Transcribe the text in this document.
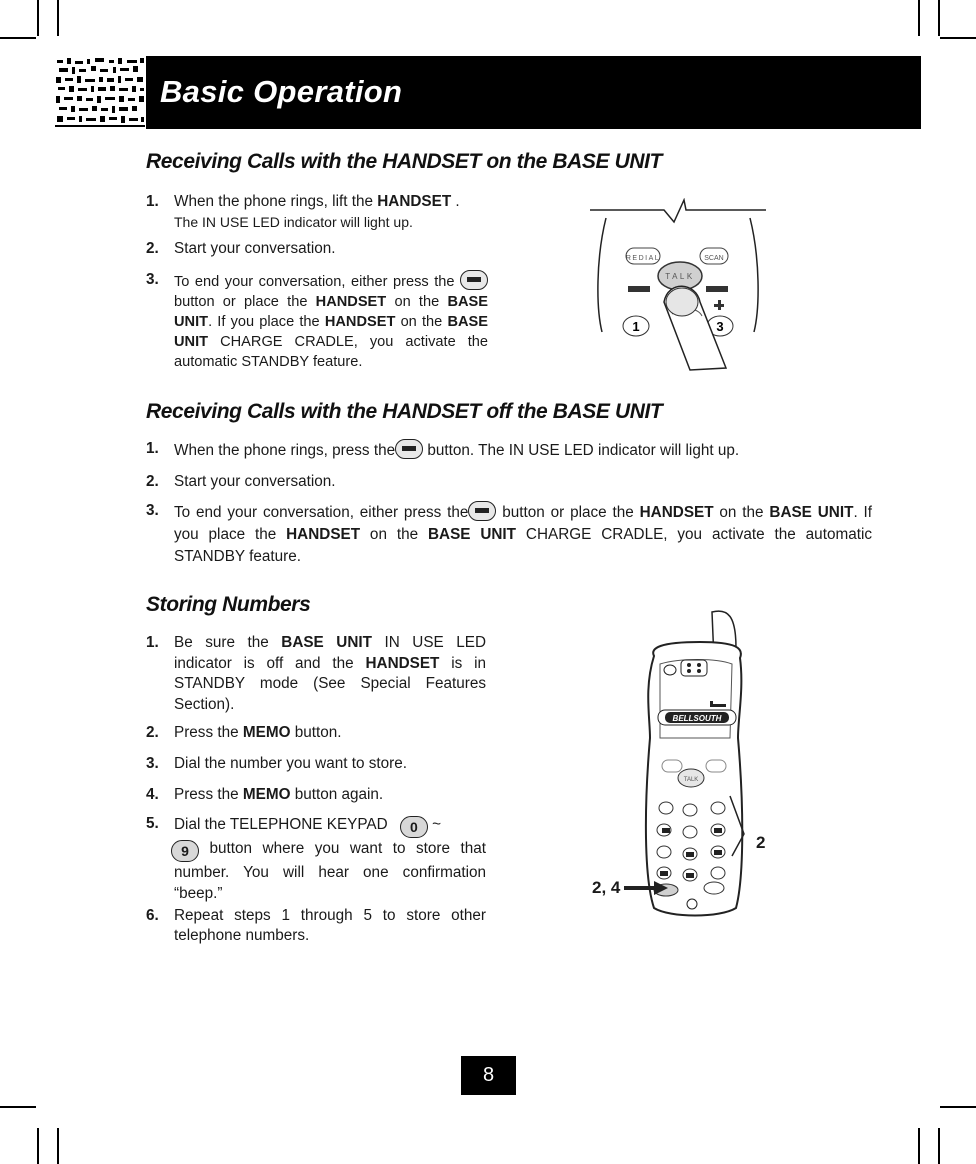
Basic Operation
Receiving Calls with the HANDSET on the BASE UNIT
1. When the phone rings, lift the HANDSET .
The IN USE LED indicator will light up.
2. Start your conversation.
3. To end your conversation, either press the  button or place the HANDSET on the BASE UNIT. If you place the HANDSET on the BASE UNIT CHARGE CRADLE, you activate the automatic STANDBY feature.
REDIAL	SCAN
TALK
1	3
Receiving Calls with the HANDSET off the BASE UNIT
1. When the phone rings, press the button. The IN USE LED indicator will light up.
2. Start your conversation.
3. To end your conversation, either press the button or place the HANDSET on the BASE UNIT. If you place the HANDSET on the BASE UNIT CHARGE CRADLE, you activate the automatic STANDBY feature.
Storing Numbers
1. Be sure the BASE UNIT IN USE LED indicator is off and the HANDSET is in STANDBY mode (See Special Features Section).
2. Press the MEMO button.
3. Dial the number you want to store.
4. Press the MEMO button again.
5. Dial the TELEPHONE KEYPAD 0 ~
9 button where you want to store that number. You will hear one confirmation “beep.”
6. Repeat steps 1 through 5 to store other telephone numbers.
BELLSOUTH
TALK
2
2, 4
8
